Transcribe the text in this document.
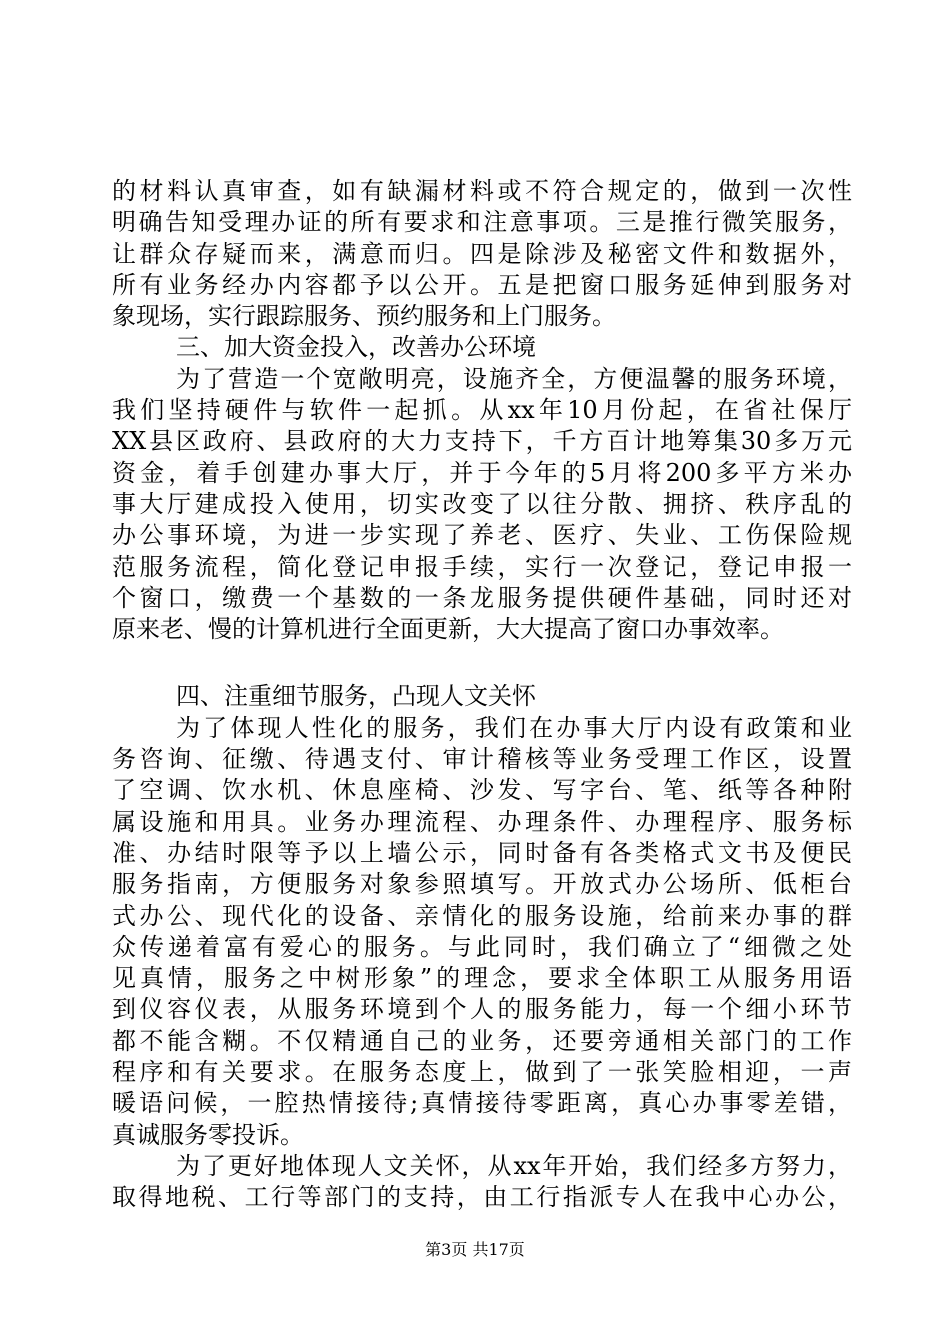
的材料认真审查，如有缺漏材料或不符合规定的，做到一次性
明确告知受理办证的所有要求和注意事项。三是推行微笑服务，
让群众存疑而来，满意而归。四是除涉及秘密文件和数据外，
所有业务经办内容都予以公开。五是把窗口服务延伸到服务对
象现场，实行跟踪服务、预约服务和上门服务。
三、加大资金投入，改善办公环境
为了营造一个宽敞明亮，设施齐全，方便温馨的服务环境，
我们坚持硬件与软件一起抓。从xx年10月份起，在省社保厅
XX县区政府、县政府的大力支持下，千方百计地筹集30多万元
资金，着手创建办事大厅，并于今年的5月将200多平方米办
事大厅建成投入使用，切实改变了以往分散、拥挤、秩序乱的
办公事环境，为进一步实现了养老、医疗、失业、工伤保险规
范服务流程，简化登记申报手续，实行一次登记，登记申报一
个窗口，缴费一个基数的一条龙服务提供硬件基础，同时还对
原来老、慢的计算机进行全面更新，大大提高了窗口办事效率。
四、注重细节服务，凸现人文关怀
为了体现人性化的服务，我们在办事大厅内设有政策和业
务咨询、征缴、待遇支付、审计稽核等业务受理工作区，设置
了空调、饮水机、休息座椅、沙发、写字台、笔、纸等各种附
属设施和用具。业务办理流程、办理条件、办理程序、服务标
准、办结时限等予以上墙公示，同时备有各类格式文书及便民
服务指南，方便服务对象参照填写。开放式办公场所、低柜台
式办公、现代化的设备、亲情化的服务设施，给前来办事的群
众传递着富有爱心的服务。与此同时，我们确立了“细微之处
见真情，服务之中树形象”的理念，要求全体职工从服务用语
到仪容仪表，从服务环境到个人的服务能力，每一个细小环节
都不能含糊。不仅精通自己的业务，还要旁通相关部门的工作
程序和有关要求。在服务态度上，做到了一张笑脸相迎，一声
暖语问候，一腔热情接待;真情接待零距离，真心办事零差错，
真诚服务零投诉。
为了更好地体现人文关怀，从xx年开始，我们经多方努力，
取得地税、工行等部门的支持，由工行指派专人在我中心办公，
第3页 共17页
